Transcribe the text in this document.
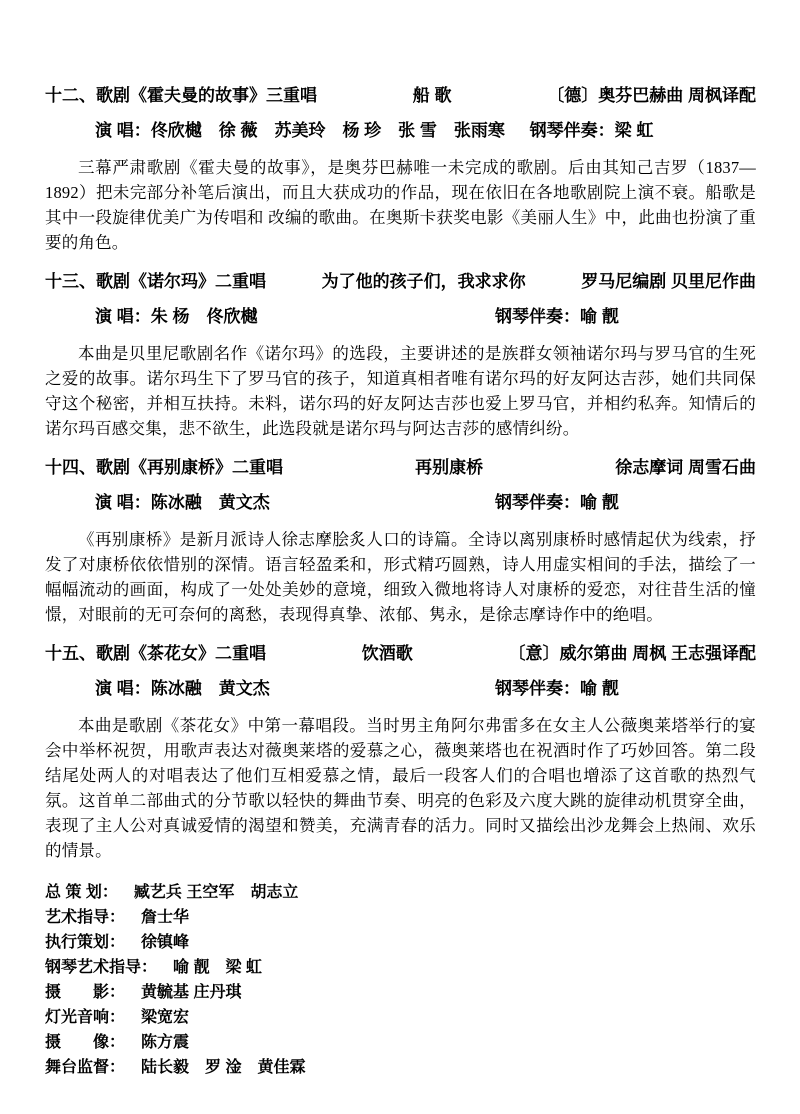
十二、歌剧《霍夫曼的故事》三重唱	船 歌	〔德〕奥芬巴赫曲 周枫译配
演 唱：佟欣樾　徐 薇　苏美玲　杨 珍　张 雪　张雨寒 钢琴伴奏：梁 虹

三幕严肃歌剧《霍夫曼的故事》，是奥芬巴赫唯一未完成的歌剧。后由其知己吉罗（1837—1892）把未完部分补笔后演出，而且大获成功的作品，现在依旧在各地歌剧院上演不衰。船歌是其中一段旋律优美广为传唱和 改编的歌曲。在奥斯卡获奖电影《美丽人生》中，此曲也扮演了重要的角色。

十三、歌剧《诺尔玛》二重唱	为了他的孩子们，我求求你	罗马尼编剧 贝里尼作曲
演 唱：朱 杨　佟欣樾	钢琴伴奏：喻 靓

本曲是贝里尼歌剧名作《诺尔玛》的选段，主要讲述的是族群女领袖诺尔玛与罗马官的生死之爱的故事。诺尔玛生下了罗马官的孩子，知道真相者唯有诺尔玛的好友阿达吉莎，她们共同保守这个秘密，并相互扶持。未料，诺尔玛的好友阿达吉莎也爱上罗马官，并相约私奔。知情后的诺尔玛百感交集，悲不欲生，此选段就是诺尔玛与阿达吉莎的感情纠纷。

十四、歌剧《再别康桥》二重唱	再别康桥	徐志摩词 周雪石曲
演 唱：陈冰融　黄文杰	钢琴伴奏：喻 靓

《再别康桥》是新月派诗人徐志摩脍炙人口的诗篇。全诗以离别康桥时感情起伏为线索，抒发了对康桥依依惜别的深情。语言轻盈柔和，形式精巧圆熟，诗人用虚实相间的手法，描绘了一幅幅流动的画面，构成了一处处美妙的意境，细致入微地将诗人对康桥的爱恋，对往昔生活的憧憬，对眼前的无可奈何的离愁，表现得真挚、浓郁、隽永，是徐志摩诗作中的绝唱。

十五、歌剧《茶花女》二重唱	饮酒歌	〔意〕威尔第曲 周枫 王志强译配
演 唱：陈冰融　黄文杰	钢琴伴奏：喻 靓

本曲是歌剧《茶花女》中第一幕唱段。当时男主角阿尔弗雷多在女主人公薇奥莱塔举行的宴会中举杯祝贺，用歌声表达对薇奥莱塔的爱慕之心，薇奥莱塔也在祝酒时作了巧妙回答。第二段结尾处两人的对唱表达了他们互相爱慕之情，最后一段客人们的合唱也增添了这首歌的热烈气氛。这首单二部曲式的分节歌以轻快的舞曲节奏、明亮的色彩及六度大跳的旋律动机贯穿全曲，表现了主人公对真诚爱情的渴望和赞美，充满青春的活力。同时又描绘出沙龙舞会上热闹、欢乐的情景。

总 策 划： 臧艺兵 王空军　胡志立
艺术指导： 詹士华
执行策划： 徐镇峰
钢琴艺术指导： 喻 靓　梁 虹
摄　　影： 黄毓基 庄丹琪
灯光音响： 梁宽宏
摄　　像： 陈方震
舞台监督： 陆长毅　罗 淦　黄佳霖
